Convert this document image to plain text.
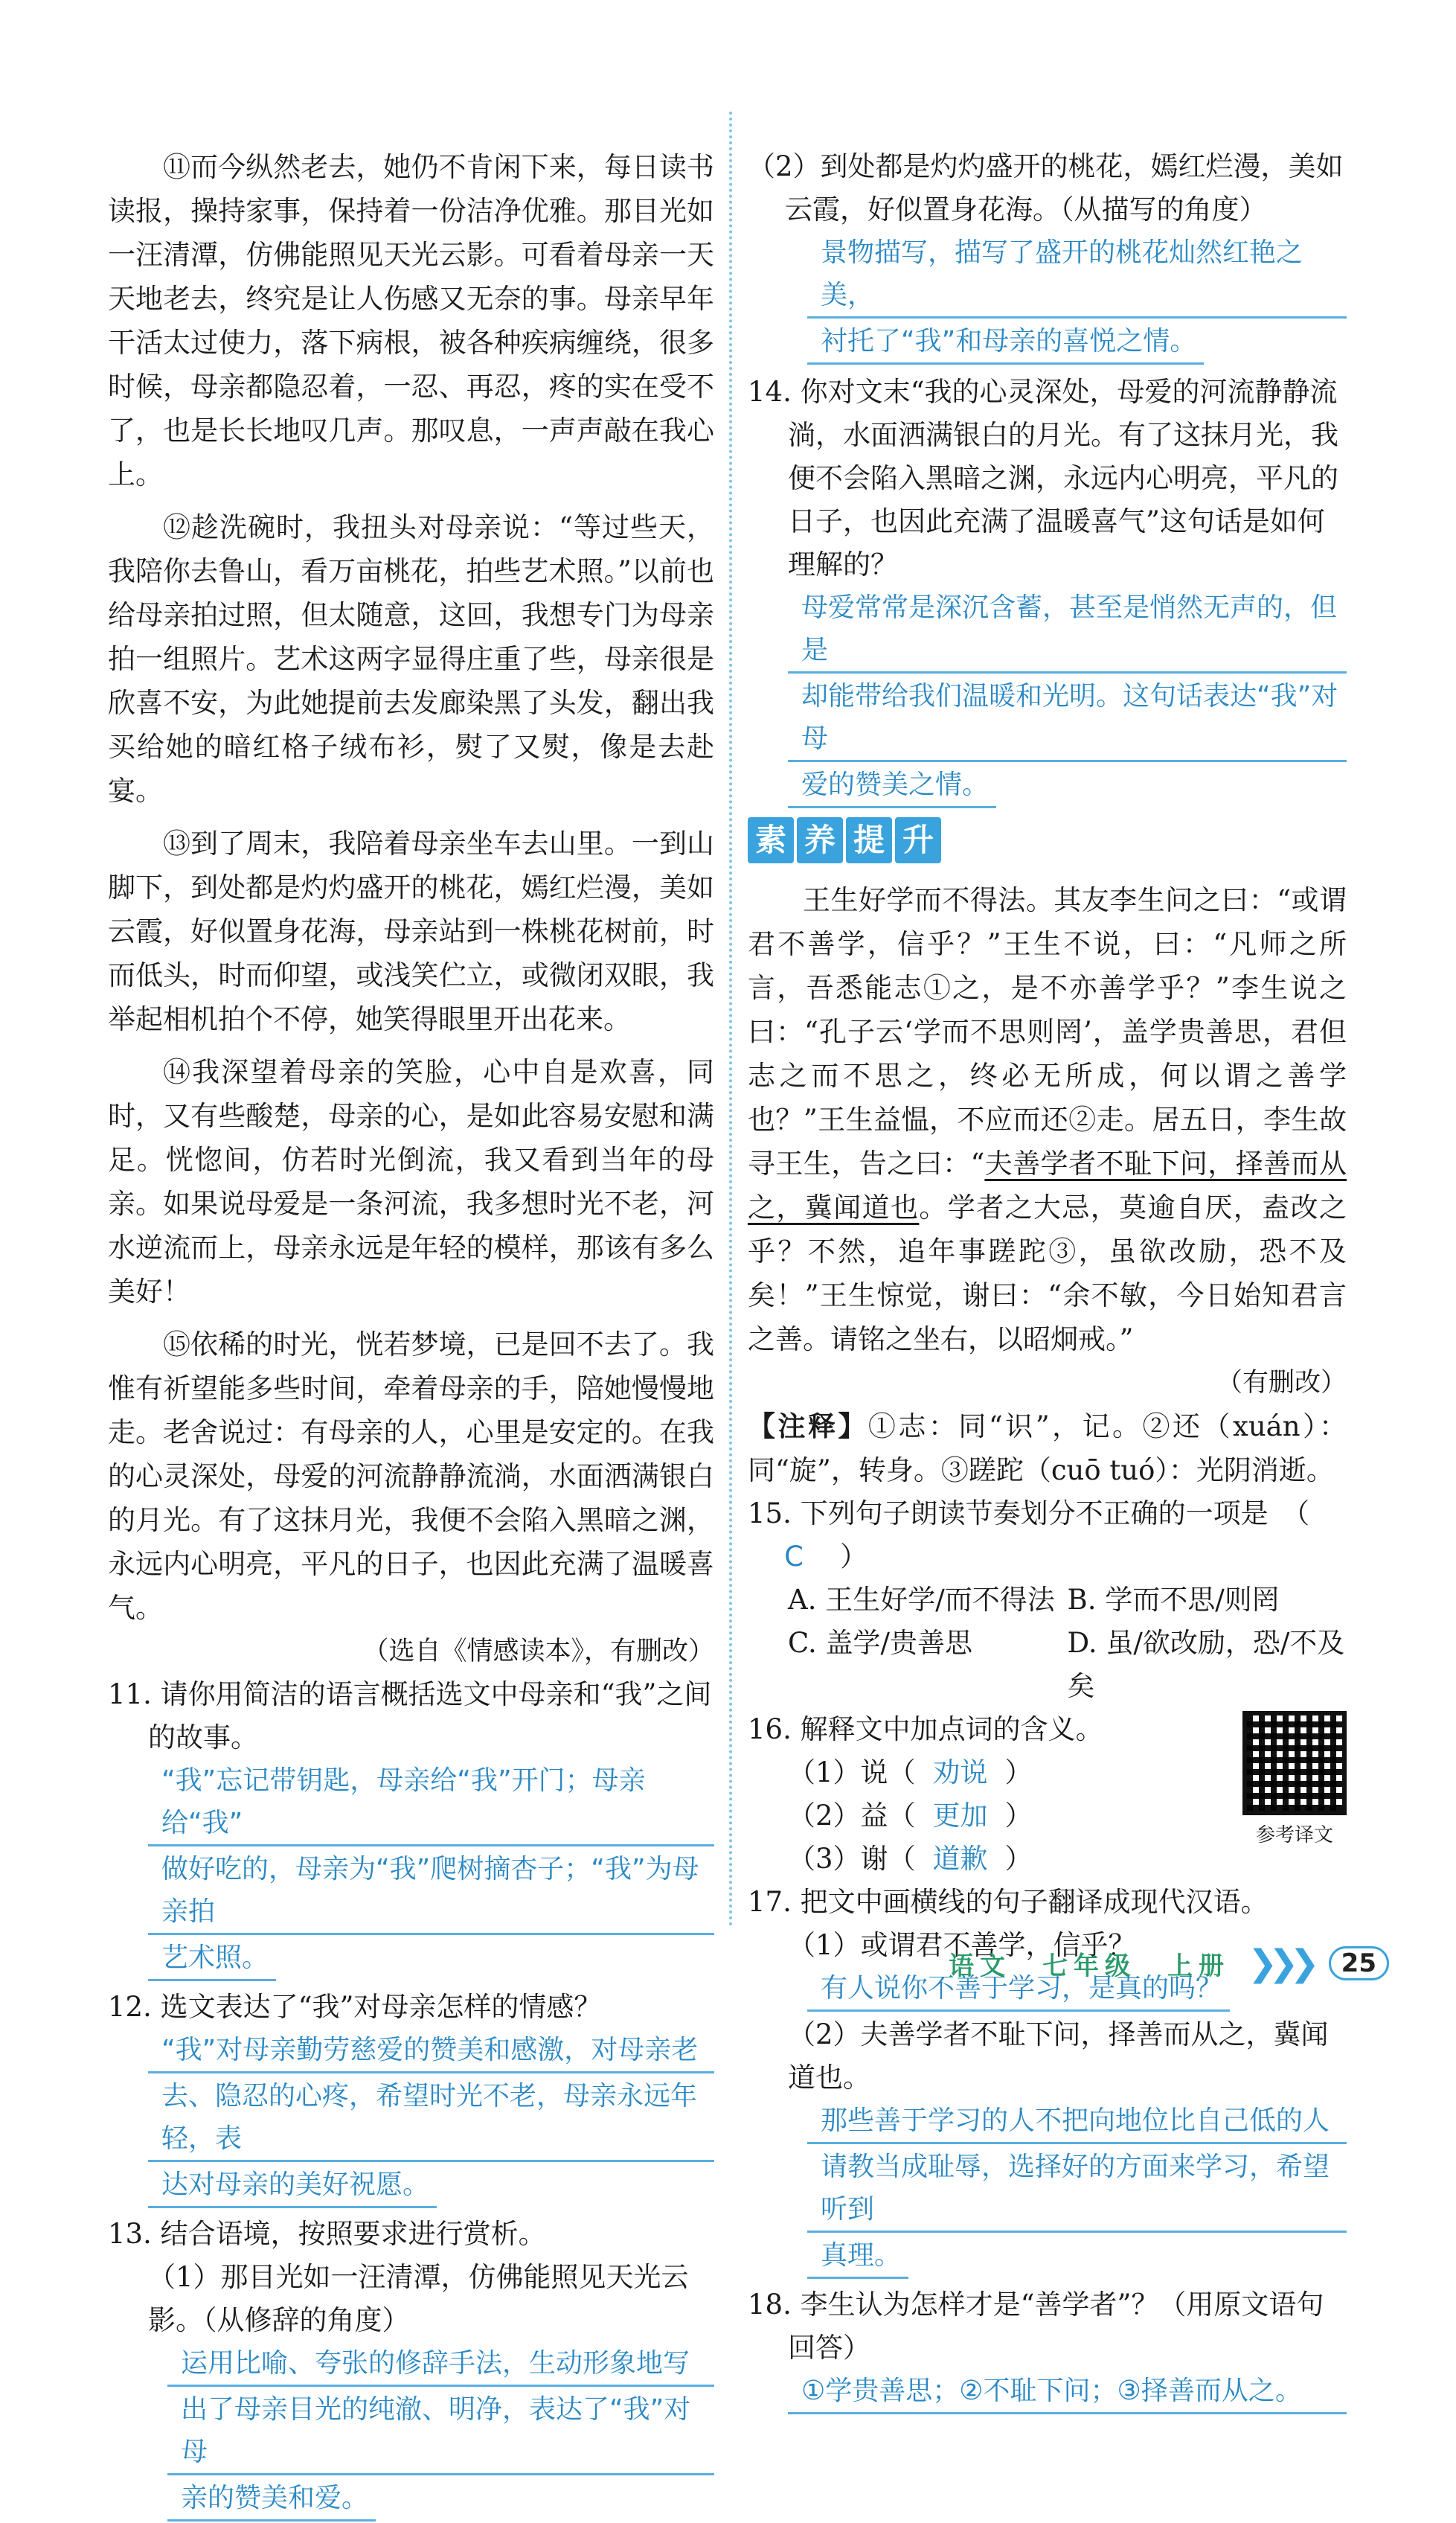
⑪而今纵然老去，她仍不肯闲下来，每日读书读报，操持家事，保持着一份洁净优雅。那目光如一汪清潭，仿佛能照见天光云影。可看着母亲一天天地老去，终究是让人伤感又无奈的事。母亲早年干活太过使力，落下病根，被各种疾病缠绕，很多时候，母亲都隐忍着，一忍、再忍，疼的实在受不了，也是长长地叹几声。那叹息，一声声敲在我心上。

⑫趁洗碗时，我扭头对母亲说：“等过些天，我陪你去鲁山，看万亩桃花，拍些艺术照。”以前也给母亲拍过照，但太随意，这回，我想专门为母亲拍一组照片。艺术这两字显得庄重了些，母亲很是欣喜不安，为此她提前去发廊染黑了头发，翻出我买给她的暗红格子绒布衫，熨了又熨，像是去赴宴。

⑬到了周末，我陪着母亲坐车去山里。一到山脚下，到处都是灼灼盛开的桃花，嫣红烂漫，美如云霞，好似置身花海，母亲站到一株桃花树前，时而低头，时而仰望，或浅笑伫立，或微闭双眼，我举起相机拍个不停，她笑得眼里开出花来。

⑭我深望着母亲的笑脸，心中自是欢喜，同时，又有些酸楚，母亲的心，是如此容易安慰和满足。恍惚间，仿若时光倒流，我又看到当年的母亲。如果说母爱是一条河流，我多想时光不老，河水逆流而上，母亲永远是年轻的模样，那该有多么美好！

⑮依稀的时光，恍若梦境，已是回不去了。我惟有祈望能多些时间，牵着母亲的手，陪她慢慢地走。老舍说过：有母亲的人，心里是安定的。在我的心灵深处，母爱的河流静静流淌，水面洒满银白的月光。有了这抹月光，我便不会陷入黑暗之渊，永远内心明亮，平凡的日子，也因此充满了温暖喜气。

（选自《情感读本》，有删改）

11. 请你用简洁的语言概括选文中母亲和“我”之间的故事。

“我”忘记带钥匙，母亲给“我”开门；母亲给“我”
做好吃的，母亲为“我”爬树摘杏子；“我”为母亲拍
艺术照。

12. 选文表达了“我”对母亲怎样的情感？

“我”对母亲勤劳慈爱的赞美和感激，对母亲老
去、隐忍的心疼，希望时光不老，母亲永远年轻，表
达对母亲的美好祝愿。

13. 结合语境，按照要求进行赏析。

（1）那目光如一汪清潭，仿佛能照见天光云影。（从修辞的角度）

运用比喻、夸张的修辞手法，生动形象地写
出了母亲目光的纯澈、明净，表达了“我”对母
亲的赞美和爱。

（2）到处都是灼灼盛开的桃花，嫣红烂漫，美如云霞，好似置身花海。（从描写的角度）

景物描写，描写了盛开的桃花灿然红艳之美，
衬托了“我”和母亲的喜悦之情。

14. 你对文末“我的心灵深处，母爱的河流静静流淌，水面洒满银白的月光。有了这抹月光，我便不会陷入黑暗之渊，永远内心明亮，平凡的日子，也因此充满了温暖喜气”这句话是如何理解的？

母爱常常是深沉含蓄，甚至是悄然无声的，但是
却能带给我们温暖和光明。这句话表达“我”对母
爱的赞美之情。
素 养 提 升

王生好学而不得法。其友李生问之曰：“或谓君不善学，信乎？”王生不说，曰：“凡师之所言，吾悉能志①之，是不亦善学乎？”李生说之曰：“孔子云‘学而不思则罔’，盖学贵善思，君但志之而不思之，终必无所成，何以谓之善学也？”王生益愠，不应而还②走。居五日，李生故寻王生，告之曰：“夫善学者不耻下问，择善而从之，冀闻道也。学者之大忌，莫逾自厌，盍改之乎？不然，追年事蹉跎③，虽欲改励，恐不及矣！”王生惊觉，谢曰：“余不敏，今日始知君言之善。请铭之坐右，以昭炯戒。”

（有删改）

【注释】①志：同“识”，记。②还（xuán）：同“旋”，转身。③蹉跎（cuō tuó）：光阴消逝。

15. 下列句子朗读节奏划分不正确的一项是　（C ）

A. 王生好学/而不得法 B. 学而不思/则罔
C. 盖学/贵善思	D. 虽/欲改励，恐/不及矣

16. 解释文中加点词的含义。

（1）说（ 劝说 ）

（2）益（ 更加 ）

（3）谢（ 道歉 ）

参考译文

17. 把文中画横线的句子翻译成现代汉语。

（1）或谓君不善学，信乎？

有人说你不善于学习，是真的吗？

（2）夫善学者不耻下问，择善而从之，冀闻道也。

那些善于学习的人不把向地位比自己低的人
请教当成耻辱，选择好的方面来学习，希望听到
真理。

18. 李生认为怎样才是“善学者”？（用原文语句回答）

①学贵善思；②不耻下问；③择善而从之。
语文　七年级　上册 ❯❯❯	25
